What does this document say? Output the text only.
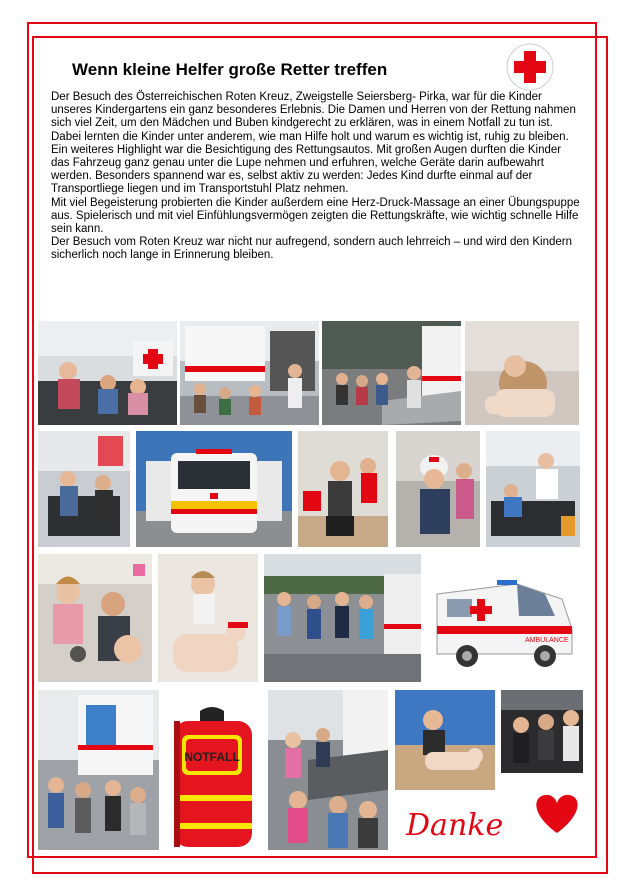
Wenn kleine Helfer große Retter treffen

Der Besuch des Österreichischen Roten Kreuz, Zweigstelle Seiersberg- Pirka, war für die Kinder unseres Kindergartens ein ganz besonderes Erlebnis. Die Damen und Herren von der Rettung nahmen sich viel Zeit, um den Mädchen und Buben kindgerecht zu erklären, was in einem Notfall zu tun ist. Dabei lernten die Kinder unter anderem, wie man Hilfe holt und warum es wichtig ist, ruhig zu bleiben.

Ein weiteres Highlight war die Besichtigung des Rettungsautos. Mit großen Augen durften die Kinder das Fahrzeug ganz genau unter die Lupe nehmen und erfuhren, welche Geräte darin aufbewahrt werden. Besonders spannend war es, selbst aktiv zu werden: Jedes Kind durfte einmal auf der Transportliege liegen und im Transportstuhl Platz nehmen.

Mit viel Begeisterung probierten die Kinder außerdem eine Herz-Druck-Massage an einer Übungspuppe aus. Spielerisch und mit viel Einfühlungsvermögen zeigten die Rettungskräfte, wie wichtig schnelle Hilfe sein kann.

Der Besuch vom Roten Kreuz war nicht nur aufregend, sondern auch lehrreich – und wird den Kindern sicherlich noch lange in Erinnerung bleiben.

AMBULANCE
NOTFALL
Danke
